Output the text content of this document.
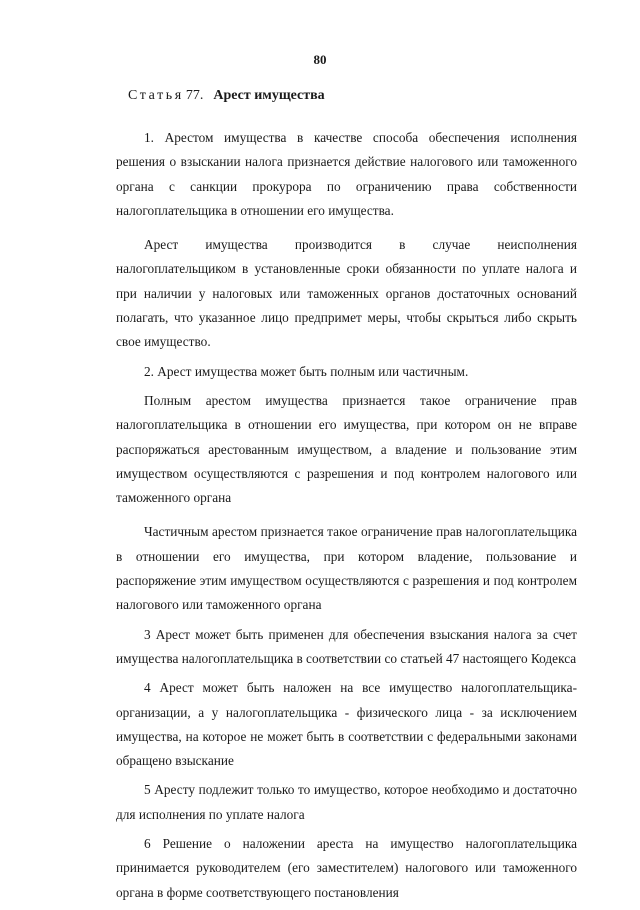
80
Статья 77. Арест имущества

1. Арестом имущества в качестве способа обеспечения исполнения решения о взыскании налога признается действие налогового или таможенного органа с санкции прокурора по ограничению права собственности налогоплательщика в отношении его имущества.

Арест имущества производится в случае неисполнения налогоплательщиком в установленные сроки обязанности по уплате налога и при наличии у налоговых или таможенных органов достаточных оснований полагать, что указанное лицо предпримет меры, чтобы скрыться либо скрыть свое имущество.

2. Арест имущества может быть полным или частичным.

Полным арестом имущества признается такое ограничение прав налогоплательщика в отношении его имущества, при котором он не вправе распоряжаться арестованным имуществом, а владение и пользование этим имуществом осуществляются с разрешения и под контролем налогового или таможенного органа

Частичным арестом признается такое ограничение прав налогоплательщика в отношении его имущества, при котором владение, пользование и распоряжение этим имуществом осуществляются с разрешения и под контролем налогового или таможенного органа

3 Арест может быть применен для обеспечения взыскания налога за счет имущества налогоплательщика в соответствии со статьей 47 настоящего Кодекса

4 Арест может быть наложен на все имущество налогоплательщика-организации, а у налогоплательщика - физического лица - за исключением имущества, на которое не может быть в соответствии с федеральными законами обращено взыскание

5 Аресту подлежит только то имущество, которое необходимо и достаточно для исполнения по уплате налога

6 Решение о наложении ареста на имущество налогоплательщика принимается руководителем (его заместителем) налогового или таможенного органа в форме соответствующего постановления
